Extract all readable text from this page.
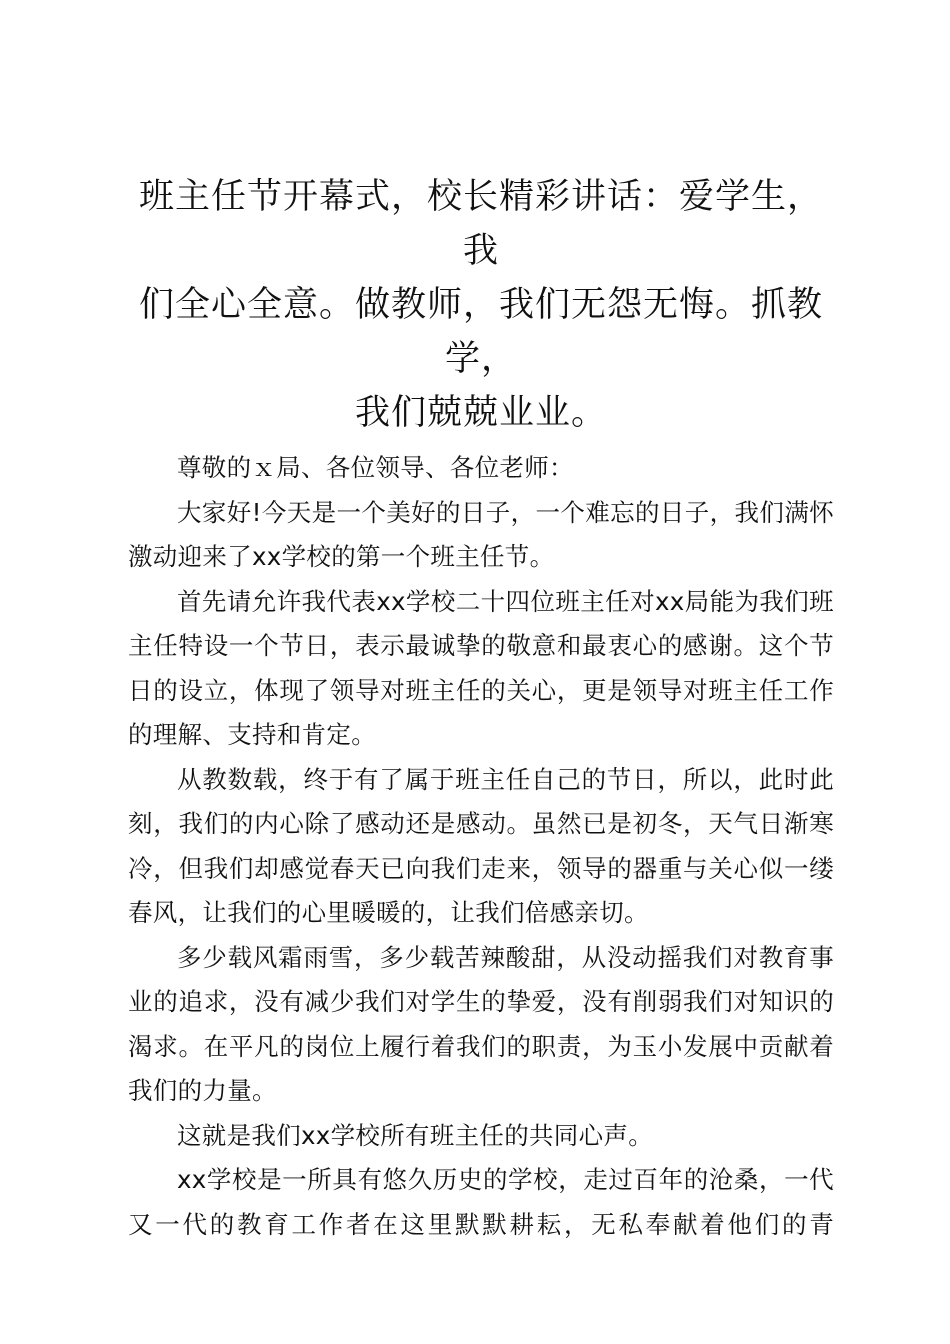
班主任节开幕式，校长精彩讲话：爱学生，我
们全心全意。做教师，我们无怨无悔。抓教学，
我们兢兢业业。

尊敬的ｘ局、各位领导、各位老师：

大家好!今天是一个美好的日子，一个难忘的日子，我们满怀激动迎来了xx学校的第一个班主任节。

首先请允许我代表xx学校二十四位班主任对xx局能为我们班主任特设一个节日，表示最诚挚的敬意和最衷心的感谢。这个节日的设立，体现了领导对班主任的关心，更是领导对班主任工作的理解、支持和肯定。

从教数载，终于有了属于班主任自己的节日，所以，此时此刻，我们的内心除了感动还是感动。虽然已是初冬，天气日渐寒冷，但我们却感觉春天已向我们走来，领导的器重与关心似一缕春风，让我们的心里暖暖的，让我们倍感亲切。

多少载风霜雨雪，多少载苦辣酸甜，从没动摇我们对教育事业的追求，没有减少我们对学生的挚爱，没有削弱我们对知识的渴求。在平凡的岗位上履行着我们的职责，为玉小发展中贡献着我们的力量。

这就是我们xx学校所有班主任的共同心声。

xx学校是一所具有悠久历史的学校，走过百年的沧桑，一代又一代的教育工作者在这里默默耕耘，无私奉献着他们的青
